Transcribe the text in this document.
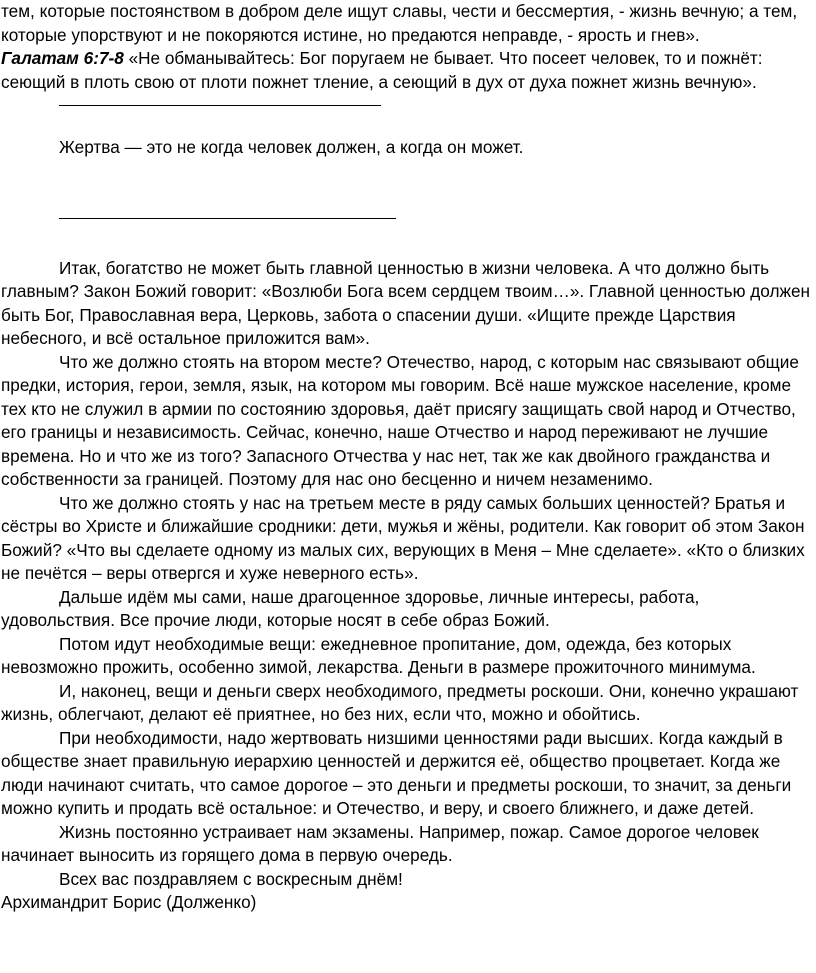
тем, которые постоянством в добром деле ищут славы, чести и бессмертия, - жизнь вечную; а тем, которые упорствуют и не покоряются истине, но предаются неправде, - ярость и гнев».

Галатам 6:7-8 «Не обманывайтесь: Бог поругаем не бывает. Что посеет человек, то и пожнёт: сеющий в плоть свою от плоти пожнет тление, а сеющий в дух от духа пожнет жизнь вечную».

Жертва — это не когда человек должен, а когда он может.

Итак, богатство не может быть главной ценностью в жизни человека. А что должно быть главным? Закон Божий говорит: «Возлюби Бога всем сердцем твоим…». Главной ценностью должен быть Бог, Православная вера, Церковь, забота о спасении души. «Ищите прежде Царствия небесного, и всё остальное приложится вам».

Что же должно стоять на втором месте? Отечество, народ, с которым нас связывают общие предки, история, герои, земля, язык, на котором мы говорим. Всё наше мужское население, кроме тех кто не служил в армии по состоянию здоровья, даёт присягу защищать свой народ и Отчество, его границы и независимость. Сейчас, конечно, наше Отчество и народ переживают не лучшие времена. Но и что же из того? Запасного Отчества у нас нет, так же как двойного гражданства и собственности за границей. Поэтому для нас оно бесценно и ничем незаменимо.

Что же должно стоять у нас на третьем месте в ряду самых больших ценностей? Братья и сёстры во Христе и ближайшие сродники: дети, мужья и жёны, родители. Как говорит об этом Закон Божий? «Что вы сделаете одному из малых сих, верующих в Меня – Мне сделаете». «Кто о близких не печётся – веры отвергся и хуже неверного есть».

Дальше идём мы сами, наше драгоценное здоровье, личные интересы, работа, удовольствия. Все прочие люди, которые носят в себе образ Божий.

Потом идут необходимые вещи: ежедневное пропитание, дом, одежда, без которых невозможно прожить, особенно зимой, лекарства. Деньги в размере прожиточного минимума.

И, наконец, вещи и деньги сверх необходимого, предметы роскоши. Они, конечно украшают жизнь, облегчают, делают её приятнее, но без них, если что, можно и обойтись.

При необходимости, надо жертвовать низшими ценностями ради высших. Когда каждый в обществе знает правильную иерархию ценностей и держится её, общество процветает. Когда же люди начинают считать, что самое дорогое – это деньги и предметы роскоши, то значит, за деньги можно купить и продать всё остальное: и Отечество, и веру, и своего ближнего, и даже детей.

Жизнь постоянно устраивает нам экзамены. Например, пожар. Самое дорогое человек начинает выносить из горящего дома в первую очередь.

Всех вас поздравляем с воскресным днём!

Архимандрит Борис (Долженко)
